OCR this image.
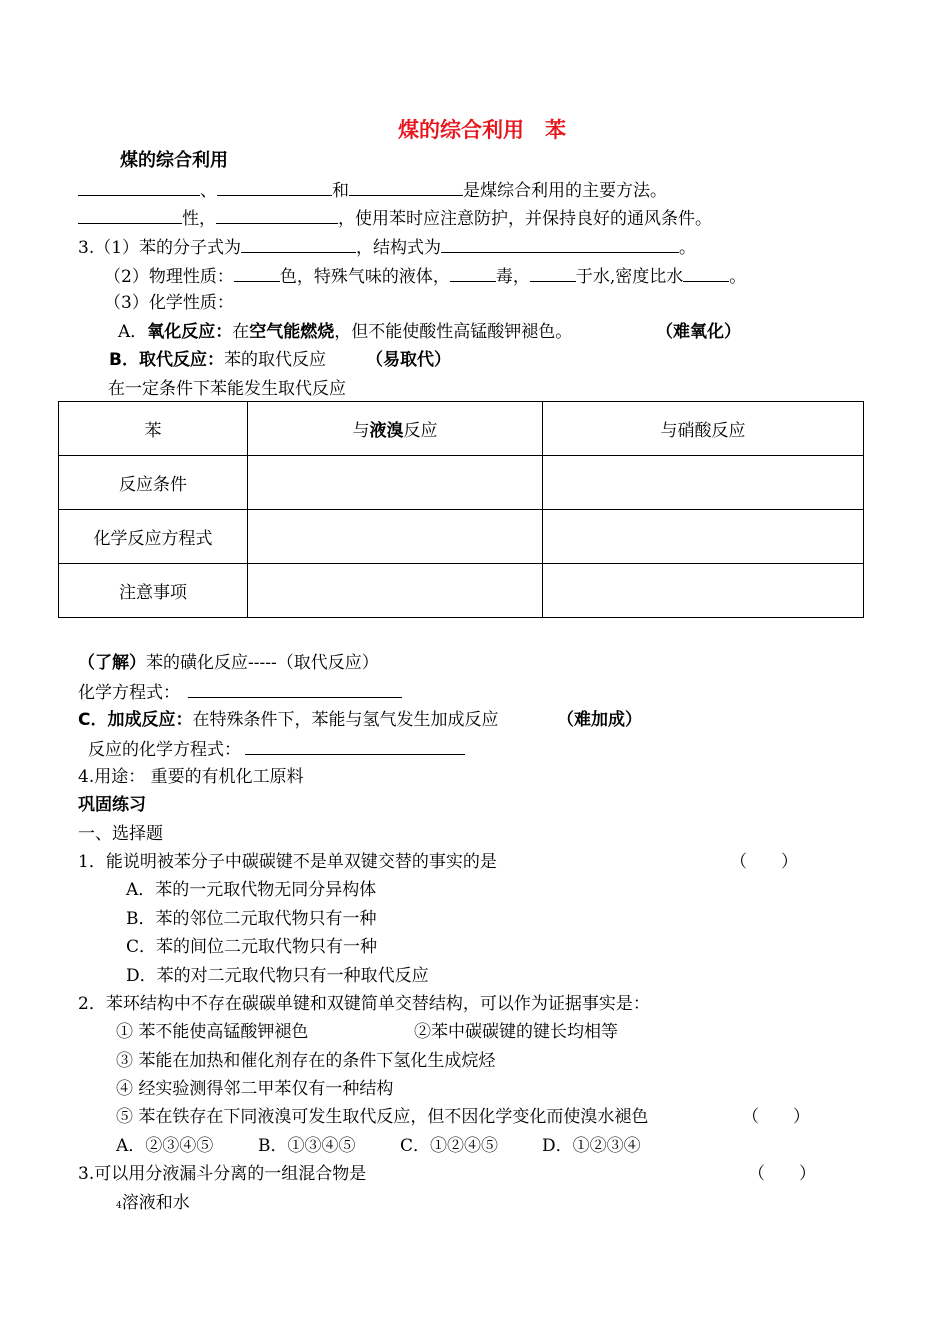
煤的综合利用　苯
煤的综合利用
、	和	是煤综合利用的主要方法。
性，	，使用苯时应注意防护，并保持良好的通风条件。
3.（1）苯的分子式为	，结构式为	。
（2）物理性质：	色，特殊气味的液体，	毒，	于水,密度比水	。
（3）化学性质：
A．氧化反应：在空气能燃烧，但不能使酸性高锰酸钾褪色。	（难氧化）
B．取代反应：苯的取代反应 （易取代）
在一定条件下苯能发生取代反应
苯	与液溴反应	与硝酸反应
反应条件		
化学反应方程式		
注意事项		
（了解）苯的磺化反应-----（取代反应）
化学方程式：
C．加成反应：在特殊条件下，苯能与氢气发生加成反应	（难加成）
反应的化学方程式：
4.用途： 重要的有机化工原料
巩固练习
一、选择题
1．能说明被苯分子中碳碳键不是单双键交替的事实的是	（　　）
A．苯的一元取代物无同分异构体
B．苯的邻位二元取代物只有一种
C．苯的间位二元取代物只有一种
D．苯的对二元取代物只有一种取代反应
2．苯环结构中不存在碳碳单键和双键简单交替结构，可以作为证据事实是：
① 苯不能使高锰酸钾褪色	②苯中碳碳键的键长均相等
③ 苯能在加热和催化剂存在的条件下氢化生成烷烃
④ 经实验测得邻二甲苯仅有一种结构
⑤ 苯在铁存在下同液溴可发生取代反应，但不因化学变化而使溴水褪色	（　　）
A．②③④⑤	B．①③④⑤	C．①②④⑤	D．①②③④
3.可以用分液漏斗分离的一组混合物是	（　　）
4溶液和水
